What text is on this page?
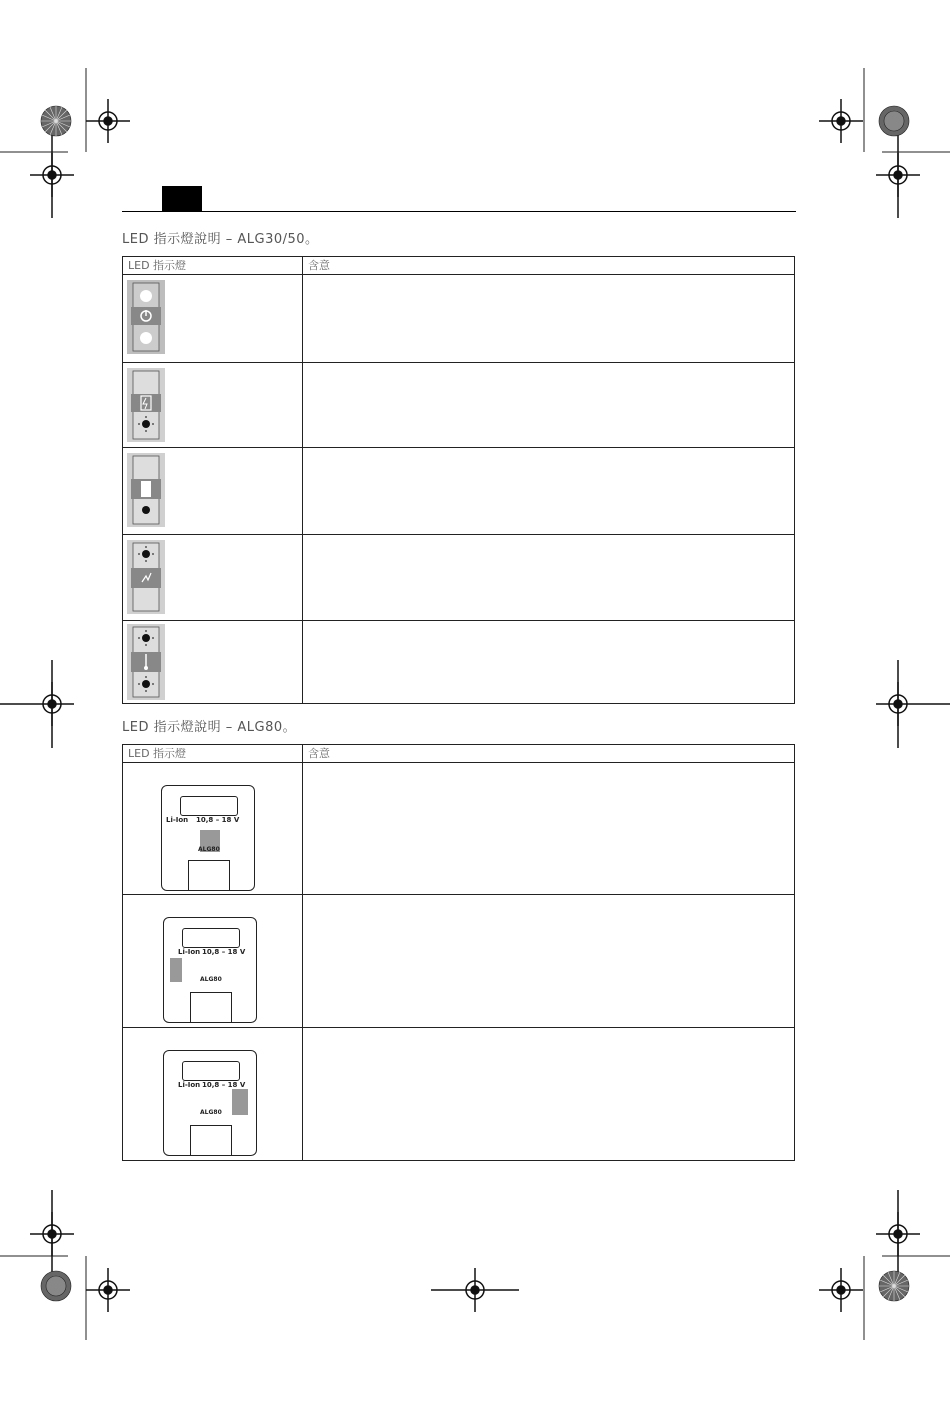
LED 指示燈說明 – ALG30/50。
LED 指示燈	含意

LED 指示燈說明 – ALG80。
LED 指示燈	含意

Li-Ion 10,8 – 18 V
ALG80	

Li-Ion 10,8 – 18 V
ALG80	

Li-Ion 10,8 – 18 V
ALG80	
